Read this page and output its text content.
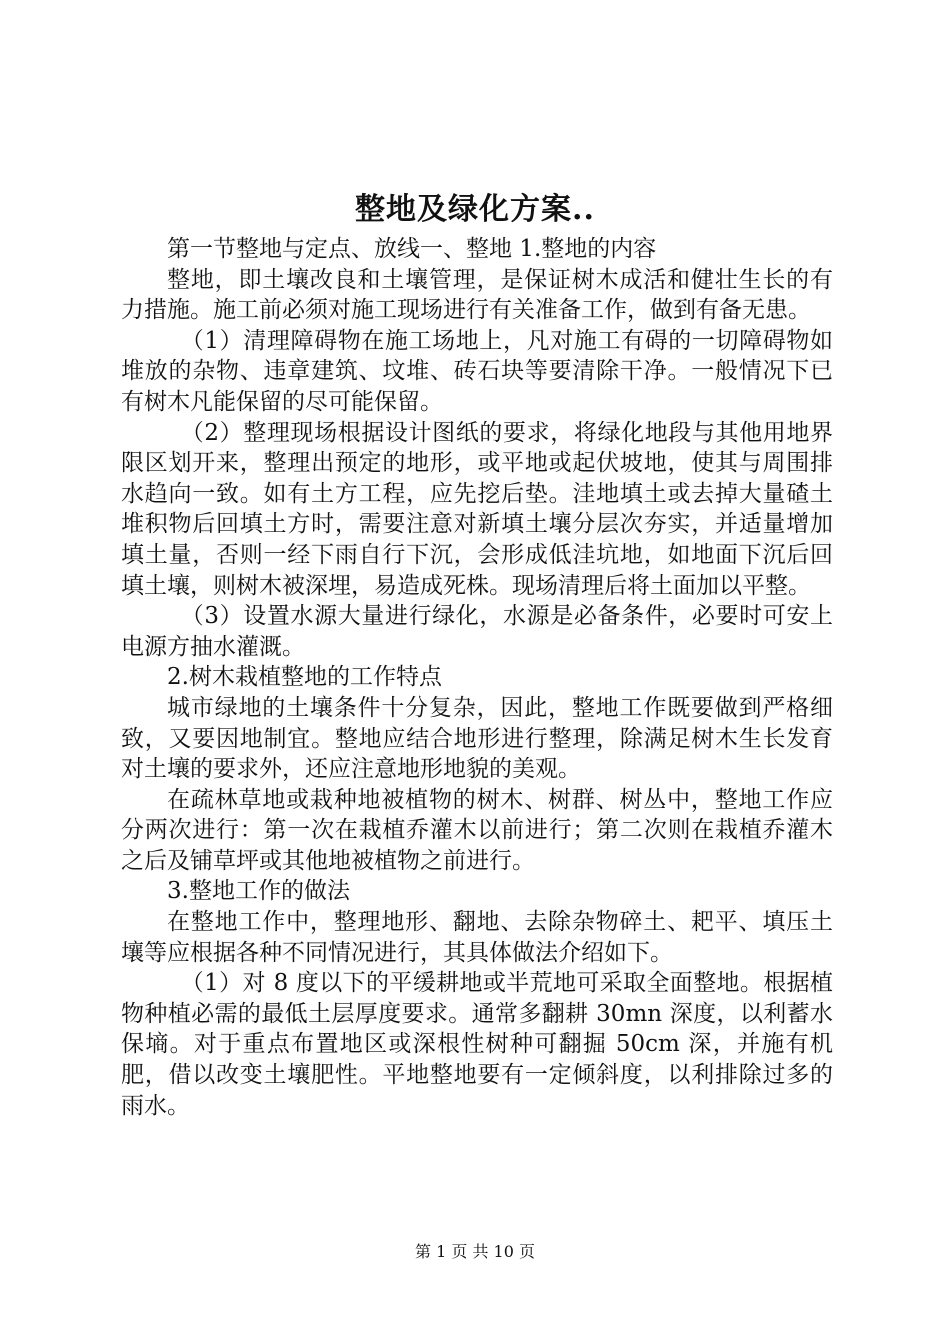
整地及绿化方案..

第一节整地与定点、放线一、整地 1.整地的内容

整地，即土壤改良和土壤管理，是保证树木成活和健壮生长的有力措施。施工前必须对施工现场进行有关准备工作，做到有备无患。

（1）清理障碍物在施工场地上，凡对施工有碍的一切障碍物如堆放的杂物、违章建筑、坟堆、砖石块等要清除干净。一般情况下已有树木凡能保留的尽可能保留。

（2）整理现场根据设计图纸的要求，将绿化地段与其他用地界限区划开来，整理出预定的地形，或平地或起伏坡地，使其与周围排水趋向一致。如有土方工程，应先挖后垫。洼地填土或去掉大量碴土堆积物后回填土方时，需要注意对新填土壤分层次夯实，并适量增加填土量，否则一经下雨自行下沉，会形成低洼坑地，如地面下沉后回填土壤，则树木被深埋，易造成死株。现场清理后将土面加以平整。

（3）设置水源大量进行绿化，水源是必备条件，必要时可安上电源方抽水灌溉。

2.树木栽植整地的工作特点

城市绿地的土壤条件十分复杂，因此，整地工作既要做到严格细致，又要因地制宜。整地应结合地形进行整理，除满足树木生长发育对土壤的要求外，还应注意地形地貌的美观。

在疏林草地或栽种地被植物的树木、树群、树丛中，整地工作应分两次进行：第一次在栽植乔灌木以前进行；第二次则在栽植乔灌木之后及铺草坪或其他地被植物之前进行。

3.整地工作的做法

在整地工作中，整理地形、翻地、去除杂物碎土、耙平、填压土壤等应根据各种不同情况进行，其具体做法介绍如下。

（1）对 8 度以下的平缓耕地或半荒地可采取全面整地。根据植物种植必需的最低土层厚度要求。通常多翻耕 30mn 深度，以利蓄水保墒。对于重点布置地区或深根性树种可翻掘 50cm 深，并施有机肥，借以改变土壤肥性。平地整地要有一定倾斜度，以利排除过多的雨水。

第 1 页 共 10 页
